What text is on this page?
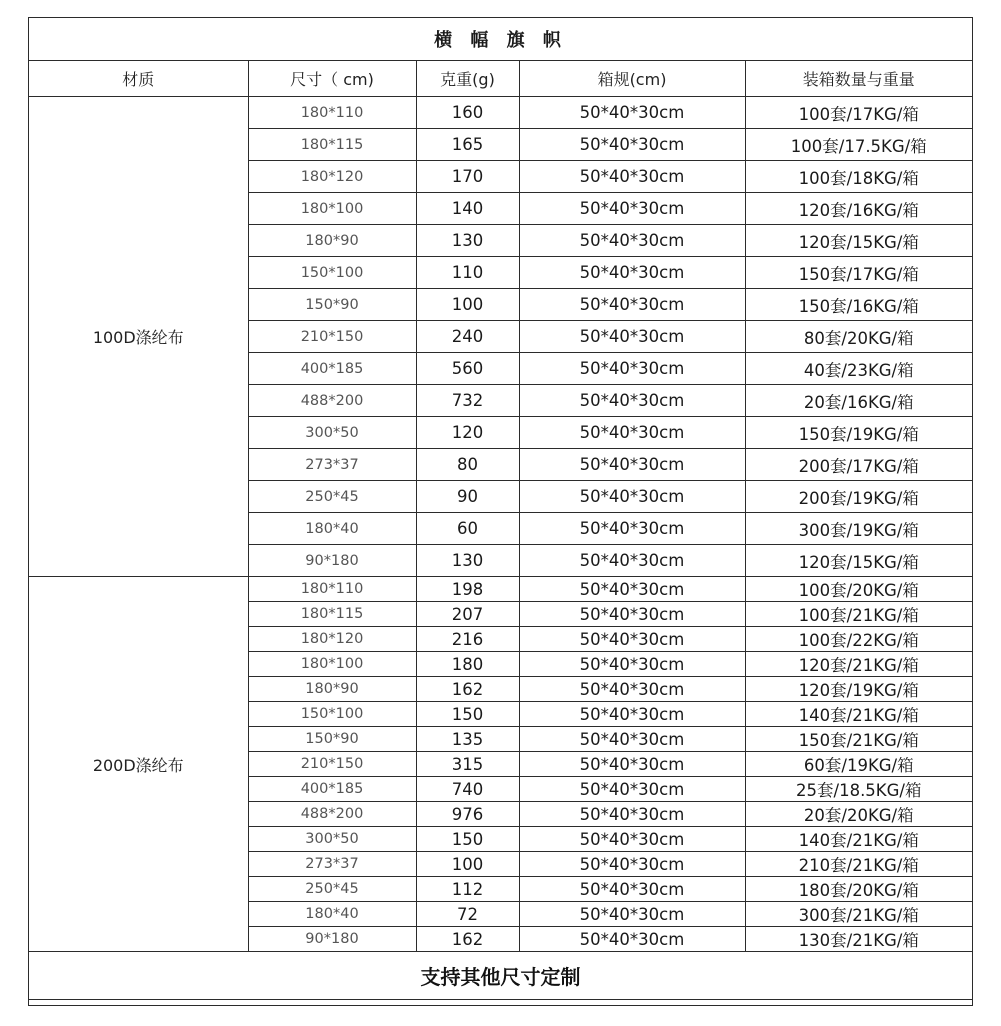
横 幅 旗 帜				
材质	尺寸（ cm)	克重(g)	箱规(cm)	装箱数量与重量
100D涤纶布	180*110	160	50*40*30cm	100套/17KG/箱
	180*115	165	50*40*30cm	100套/17.5KG/箱
	180*120	170	50*40*30cm	100套/18KG/箱
	180*100	140	50*40*30cm	120套/16KG/箱
	180*90	130	50*40*30cm	120套/15KG/箱
	150*100	110	50*40*30cm	150套/17KG/箱
	150*90	100	50*40*30cm	150套/16KG/箱
	210*150	240	50*40*30cm	80套/20KG/箱
	400*185	560	50*40*30cm	40套/23KG/箱
	488*200	732	50*40*30cm	20套/16KG/箱
	300*50	120	50*40*30cm	150套/19KG/箱
	273*37	80	50*40*30cm	200套/17KG/箱
	250*45	90	50*40*30cm	200套/19KG/箱
	180*40	60	50*40*30cm	300套/19KG/箱
	90*180	130	50*40*30cm	120套/15KG/箱
200D涤纶布	180*110	198	50*40*30cm	100套/20KG/箱
	180*115	207	50*40*30cm	100套/21KG/箱
	180*120	216	50*40*30cm	100套/22KG/箱
	180*100	180	50*40*30cm	120套/21KG/箱
	180*90	162	50*40*30cm	120套/19KG/箱
	150*100	150	50*40*30cm	140套/21KG/箱
	150*90	135	50*40*30cm	150套/21KG/箱
	210*150	315	50*40*30cm	60套/19KG/箱
	400*185	740	50*40*30cm	25套/18.5KG/箱
	488*200	976	50*40*30cm	20套/20KG/箱
	300*50	150	50*40*30cm	140套/21KG/箱
	273*37	100	50*40*30cm	210套/21KG/箱
	250*45	112	50*40*30cm	180套/20KG/箱
	180*40	72	50*40*30cm	300套/21KG/箱
	90*180	162	50*40*30cm	130套/21KG/箱
支持其他尺寸定制				
